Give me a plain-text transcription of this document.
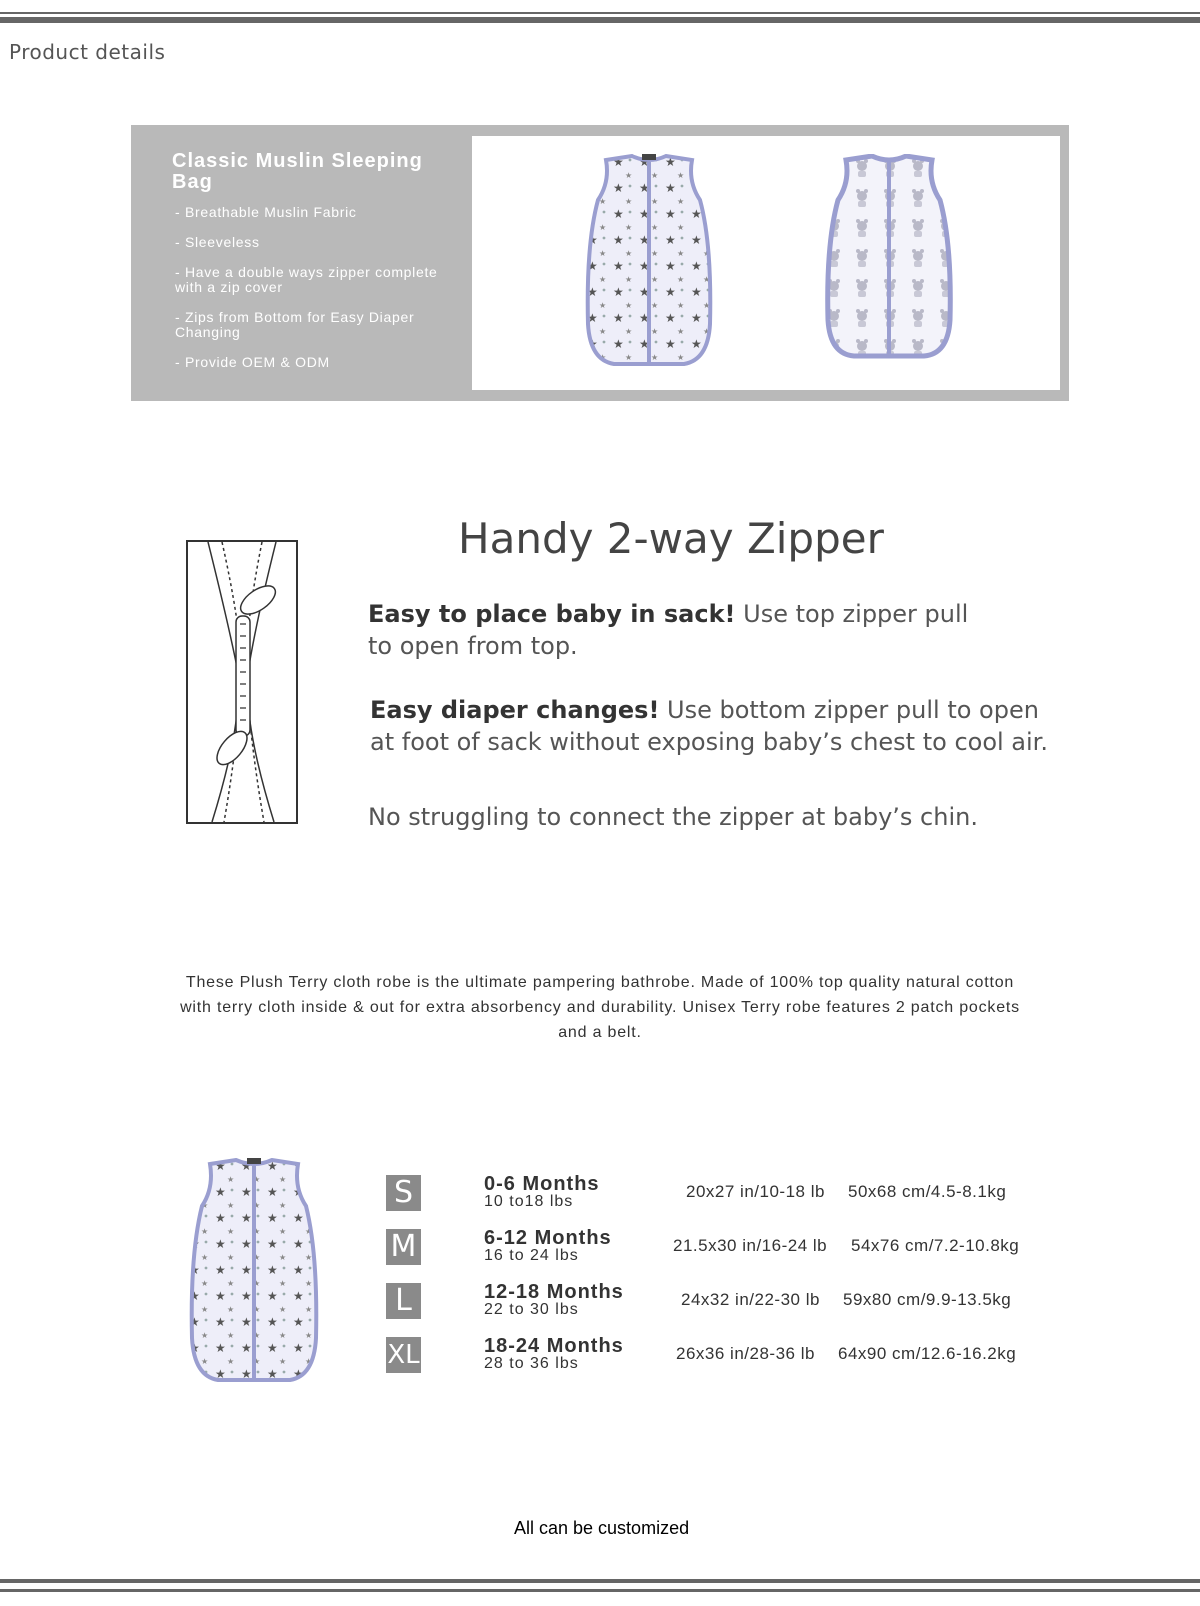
Product details
Classic Muslin Sleeping Bag
- Breathable Muslin Fabric
- Sleeveless
- Have a double ways zipper complete with a zip cover
- Zips from Bottom for Easy Diaper Changing
- Provide OEM & ODM
Handy 2-way Zipper
Easy to place baby in sack! Use top zipper pull
to open from top.
Easy diaper changes! Use bottom zipper pull to open
at foot of sack without exposing baby’s chest to cool air.
No struggling to connect the zipper at baby’s chin.
These Plush Terry cloth robe is the ultimate pampering bathrobe. Made of 100% top quality natural cotton with terry cloth inside & out for extra absorbency and durability. Unisex Terry robe features 2 patch pockets and a belt.
S	0-6 Months
10 to18 lbs
20x27 in/10-18 lb 50x68 cm/4.5-8.1kg
M	6-12 Months
16 to 24 lbs
21.5x30 in/16-24 lb 54x76 cm/7.2-10.8kg
L	12-18 Months
22 to 30 lbs
24x32 in/22-30 lb 59x80 cm/9.9-13.5kg
XL	18-24 Months
28 to 36 lbs
26x36 in/28-36 lb 64x90 cm/12.6-16.2kg
All can be customized
